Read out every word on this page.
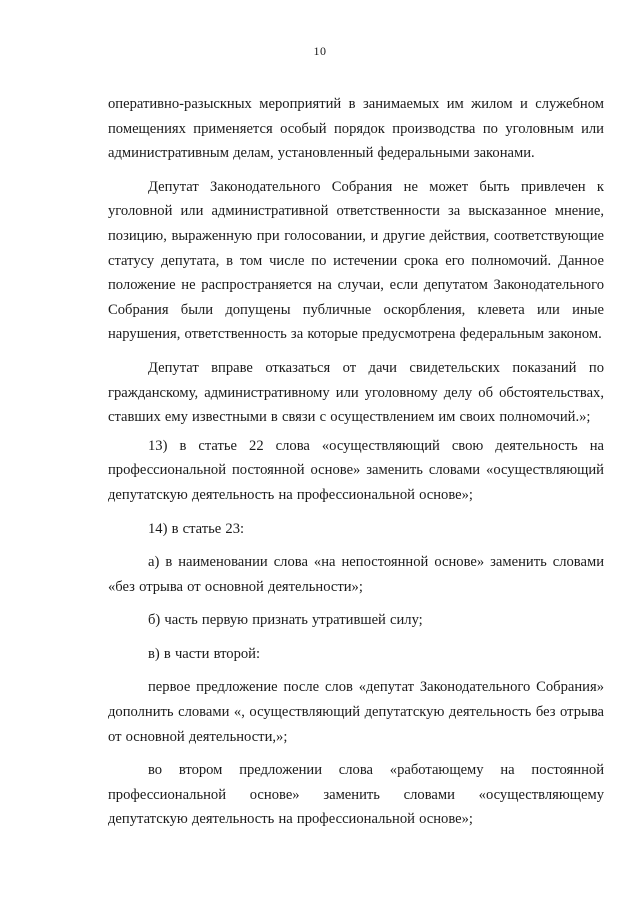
10

оперативно-разыскных мероприятий в занимаемых им жилом и служебном помещениях применяется особый порядок производства по уголовным или административным делам, установленный федеральными законами.

Депутат Законодательного Собрания не может быть привлечен к уголовной или административной ответственности за высказанное мнение, позицию, выраженную при голосовании, и другие действия, соответствующие статусу депутата, в том числе по истечении срока его полномочий. Данное положение не распространяется на случаи, если депутатом Законодательного Собрания были допущены публичные оскорбления, клевета или иные нарушения, ответственность за которые предусмотрена федеральным законом.

Депутат вправе отказаться от дачи свидетельских показаний по гражданскому, административному или уголовному делу об обстоятельствах, ставших ему известными в связи с осуществлением им своих полномочий.»;

13) в статье 22 слова «осуществляющий свою деятельность на профессиональной постоянной основе» заменить словами «осуществляющий депутатскую деятельность на профессиональной основе»;

14) в статье 23:

а) в наименовании слова «на непостоянной основе» заменить словами «без отрыва от основной деятельности»;

б) часть первую признать утратившей силу;

в) в части второй:

первое предложение после слов «депутат Законодательного Собрания» дополнить словами «, осуществляющий депутатскую деятельность без отрыва от основной деятельности,»;

во втором предложении слова «работающему на постоянной профессиональной основе» заменить словами «осуществляющему депутатскую деятельность на профессиональной основе»;
